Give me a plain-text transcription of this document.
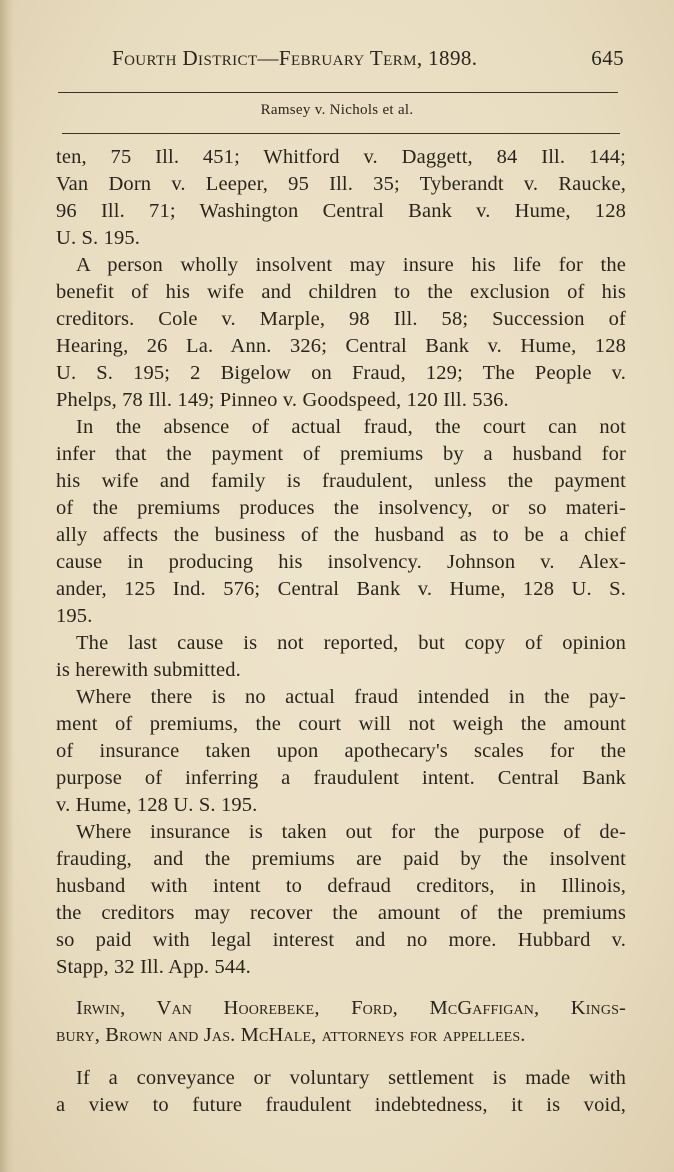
Fourth District—February Term, 1898.	645
Ramsey v. Nichols et al.
ten, 75 Ill. 451; Whitford v. Daggett, 84 Ill. 144;
Van Dorn v. Leeper, 95 Ill. 35; Tyberandt v. Raucke,
96 Ill. 71; Washington Central Bank v. Hume, 128
U. S. 195.
A person wholly insolvent may insure his life for the
benefit of his wife and children to the exclusion of his
creditors. Cole v. Marple, 98 Ill. 58; Succession of
Hearing, 26 La. Ann. 326; Central Bank v. Hume, 128
U. S. 195; 2 Bigelow on Fraud, 129; The People v.
Phelps, 78 Ill. 149; Pinneo v. Goodspeed, 120 Ill. 536.
In the absence of actual fraud, the court can not
infer that the payment of premiums by a husband for
his wife and family is fraudulent, unless the payment
of the premiums produces the insolvency, or so materi-
ally affects the business of the husband as to be a chief
cause in producing his insolvency. Johnson v. Alex-
ander, 125 Ind. 576; Central Bank v. Hume, 128 U. S.
195.
The last cause is not reported, but copy of opinion
is herewith submitted.
Where there is no actual fraud intended in the pay-
ment of premiums, the court will not weigh the amount
of insurance taken upon apothecary's scales for the
purpose of inferring a fraudulent intent. Central Bank
v. Hume, 128 U. S. 195.
Where insurance is taken out for the purpose of de-
frauding, and the premiums are paid by the insolvent
husband with intent to defraud creditors, in Illinois,
the creditors may recover the amount of the premiums
so paid with legal interest and no more. Hubbard v.
Stapp, 32 Ill. App. 544.
Irwin, Van Hoorebeke, Ford, McGaffigan, Kings-
bury, Brown and Jas. McHale, attorneys for appellees.
If a conveyance or voluntary settlement is made with
a view to future fraudulent indebtedness, it is void,
